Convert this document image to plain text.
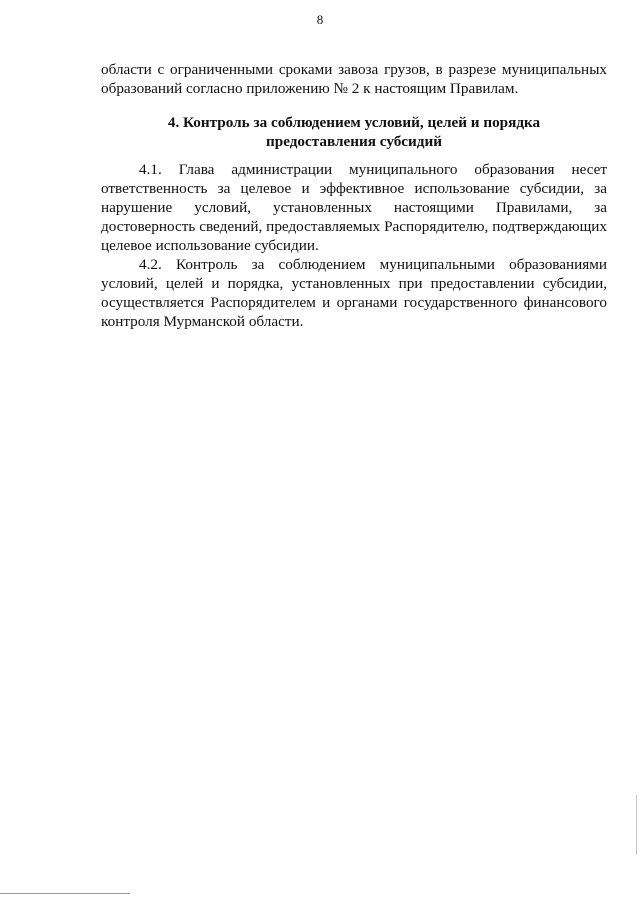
8
области с ограниченными сроками завоза грузов, в разрезе муниципальных
образований согласно приложению № 2 к настоящим Правилам.
4. Контроль за соблюдением условий, целей и порядка
предоставления субсидий

4.1. Глава администрации муниципального образования несет ответственность за целевое и эффективное использование субсидии, за нарушение условий, установленных настоящими Правилами, за достоверность сведений, предоставляемых Распорядителю, подтверждающих целевое использование субсидии.

4.2. Контроль за соблюдением муниципальными образованиями условий, целей и порядка, установленных при предоставлении субсидии, осуществляется Распорядителем и органами государственного финансового контроля Мурманской области.
